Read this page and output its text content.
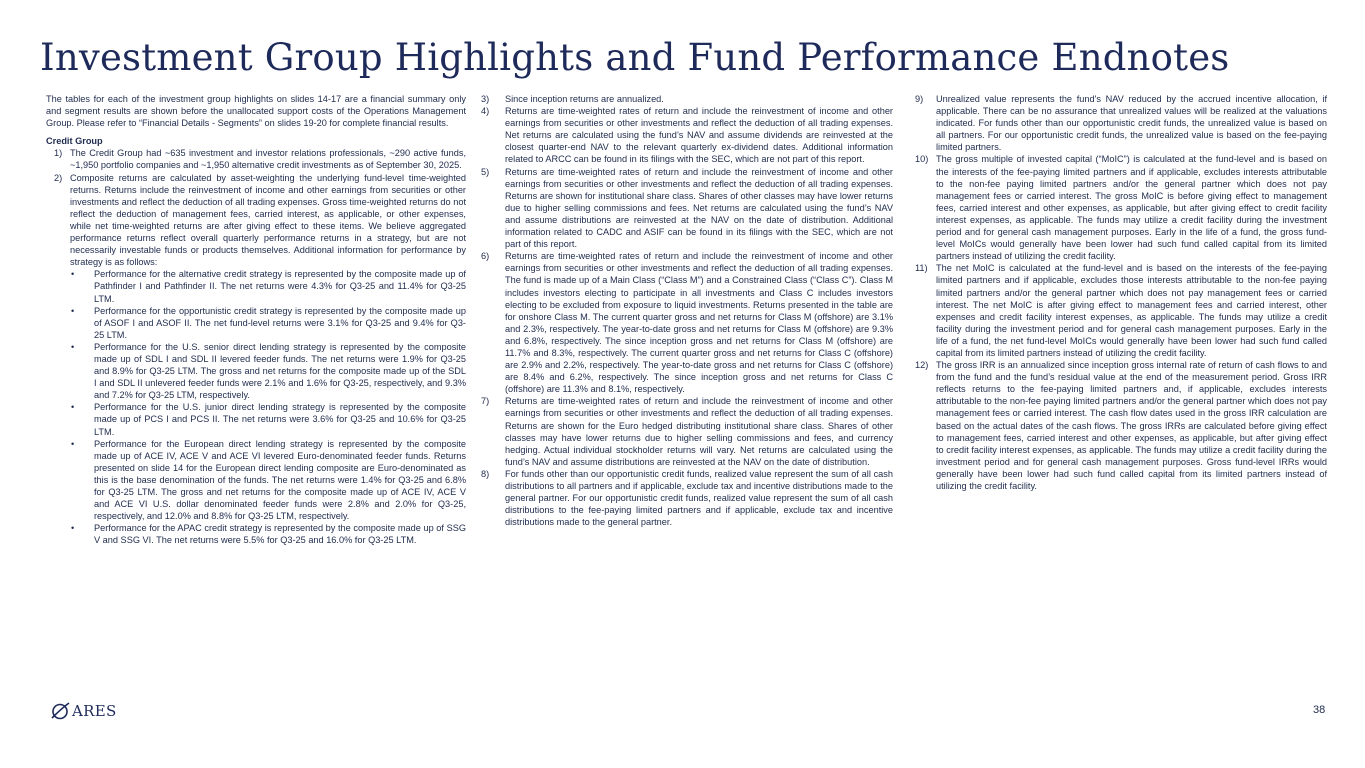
Investment Group Highlights and Fund Performance Endnotes

The tables for each of the investment group highlights on slides 14-17 are a financial summary only and segment results are shown before the unallocated support costs of the Operations Management Group. Please refer to “Financial Details - Segments” on slides 19-20 for complete financial results.

Credit Group

1) The Credit Group had ~635 investment and investor relations professionals, ~290 active funds, ~1,950 portfolio companies and ~1,950 alternative credit investments as of September 30, 2025.
2) Composite returns are calculated by asset-weighting the underlying fund-level time-weighted returns. Returns include the reinvestment of income and other earnings from securities or other investments and reflect the deduction of all trading expenses. Gross time-weighted returns do not reflect the deduction of management fees, carried interest, as applicable, or other expenses, while net time-weighted returns are after giving effect to these items. We believe aggregated performance returns reflect overall quarterly performance returns in a strategy, but are not necessarily investable funds or products themselves. Additional information for performance by strategy is as follows:
• Performance for the alternative credit strategy is represented by the composite made up of Pathfinder I and Pathfinder II. The net returns were 4.3% for Q3-25 and 11.4% for Q3-25 LTM.
• Performance for the opportunistic credit strategy is represented by the composite made up of ASOF I and ASOF II. The net fund-level returns were 3.1% for Q3-25 and 9.4% for Q3-25 LTM.
• Performance for the U.S. senior direct lending strategy is represented by the composite made up of SDL I and SDL II levered feeder funds. The net returns were 1.9% for Q3-25 and 8.9% for Q3-25 LTM. The gross and net returns for the composite made up of the SDL I and SDL II unlevered feeder funds were 2.1% and 1.6% for Q3-25, respectively, and 9.3% and 7.2% for Q3-25 LTM, respectively.
• Performance for the U.S. junior direct lending strategy is represented by the composite made up of PCS I and PCS II. The net returns were 3.6% for Q3-25 and 10.6% for Q3-25 LTM.
• Performance for the European direct lending strategy is represented by the composite made up of ACE IV, ACE V and ACE VI levered Euro-denominated feeder funds. Returns presented on slide 14 for the European direct lending composite are Euro-denominated as this is the base denomination of the funds. The net returns were 1.4% for Q3-25 and 6.8% for Q3-25 LTM. The gross and net returns for the composite made up of ACE IV, ACE V and ACE VI U.S. dollar denominated feeder funds were 2.8% and 2.0% for Q3-25, respectively, and 12.0% and 8.8% for Q3-25 LTM, respectively.
• Performance for the APAC credit strategy is represented by the composite made up of SSG V and SSG VI. The net returns were 5.5% for Q3-25 and 16.0% for Q3-25 LTM.
3) Since inception returns are annualized.
4) Returns are time-weighted rates of return and include the reinvestment of income and other earnings from securities or other investments and reflect the deduction of all trading expenses. Net returns are calculated using the fund’s NAV and assume dividends are reinvested at the closest quarter-end NAV to the relevant quarterly ex-dividend dates. Additional information related to ARCC can be found in its filings with the SEC, which are not part of this report.
5) Returns are time-weighted rates of return and include the reinvestment of income and other earnings from securities or other investments and reflect the deduction of all trading expenses. Returns are shown for institutional share class. Shares of other classes may have lower returns due to higher selling commissions and fees. Net returns are calculated using the fund’s NAV and assume distributions are reinvested at the NAV on the date of distribution. Additional information related to CADC and ASIF can be found in its filings with the SEC, which are not part of this report.
6) Returns are time-weighted rates of return and include the reinvestment of income and other earnings from securities or other investments and reflect the deduction of all trading expenses. The fund is made up of a Main Class (“Class M”) and a Constrained Class (“Class C”). Class M includes investors electing to participate in all investments and Class C includes investors electing to be excluded from exposure to liquid investments. Returns presented in the table are for onshore Class M. The current quarter gross and net returns for Class M (offshore) are 3.1% and 2.3%, respectively. The year-to-date gross and net returns for Class M (offshore) are 9.3% and 6.8%, respectively. The since inception gross and net returns for Class M (offshore) are 11.7% and 8.3%, respectively. The current quarter gross and net returns for Class C (offshore) are 2.9% and 2.2%, respectively. The year-to-date gross and net returns for Class C (offshore) are 8.4% and 6.2%, respectively. The since inception gross and net returns for Class C (offshore) are 11.3% and 8.1%, respectively.
7) Returns are time-weighted rates of return and include the reinvestment of income and other earnings from securities or other investments and reflect the deduction of all trading expenses. Returns are shown for the Euro hedged distributing institutional share class. Shares of other classes may have lower returns due to higher selling commissions and fees, and currency hedging. Actual individual stockholder returns will vary. Net returns are calculated using the fund’s NAV and assume distributions are reinvested at the NAV on the date of distribution.
8) For funds other than our opportunistic credit funds, realized value represent the sum of all cash distributions to all partners and if applicable, exclude tax and incentive distributions made to the general partner. For our opportunistic credit funds, realized value represent the sum of all cash distributions to the fee-paying limited partners and if applicable, exclude tax and incentive distributions made to the general partner.
9) Unrealized value represents the fund's NAV reduced by the accrued incentive allocation, if applicable. There can be no assurance that unrealized values will be realized at the valuations indicated. For funds other than our opportunistic credit funds, the unrealized value is based on all partners. For our opportunistic credit funds, the unrealized value is based on the fee-paying limited partners.
10) The gross multiple of invested capital (“MoIC”) is calculated at the fund-level and is based on the interests of the fee-paying limited partners and if applicable, excludes interests attributable to the non-fee paying limited partners and/or the general partner which does not pay management fees or carried interest. The gross MoIC is before giving effect to management fees, carried interest and other expenses, as applicable, but after giving effect to credit facility interest expenses, as applicable. The funds may utilize a credit facility during the investment period and for general cash management purposes. Early in the life of a fund, the gross fund-level MoICs would generally have been lower had such fund called capital from its limited partners instead of utilizing the credit facility.
11) The net MoIC is calculated at the fund-level and is based on the interests of the fee-paying limited partners and if applicable, excludes those interests attributable to the non-fee paying limited partners and/or the general partner which does not pay management fees or carried interest. The net MoIC is after giving effect to management fees and carried interest, other expenses and credit facility interest expenses, as applicable. The funds may utilize a credit facility during the investment period and for general cash management purposes. Early in the life of a fund, the net fund-level MoICs would generally have been lower had such fund called capital from its limited partners instead of utilizing the credit facility.
12) The gross IRR is an annualized since inception gross internal rate of return of cash flows to and from the fund and the fund’s residual value at the end of the measurement period. Gross IRR reflects returns to the fee-paying limited partners and, if applicable, excludes interests attributable to the non-fee paying limited partners and/or the general partner which does not pay management fees or carried interest. The cash flow dates used in the gross IRR calculation are based on the actual dates of the cash flows. The gross IRRs are calculated before giving effect to management fees, carried interest and other expenses, as applicable, but after giving effect to credit facility interest expenses, as applicable. The funds may utilize a credit facility during the investment period and for general cash management purposes. Gross fund-level IRRs would generally have been lower had such fund called capital from its limited partners instead of utilizing the credit facility.
ARES	38
